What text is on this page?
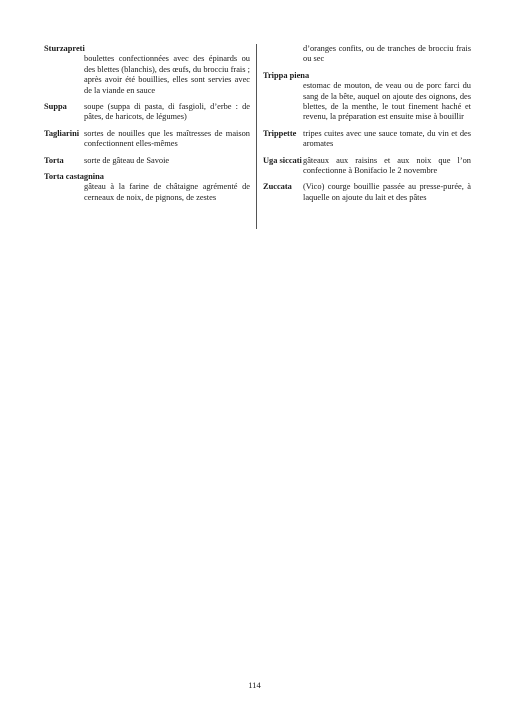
Sturzapreti
boulettes confectionnées avec des épinards ou des blettes (blanchis), des œufs, du brocciu frais ; après avoir été bouillies, elles sont servies avec de la viande en sauce
Suppa	soupe (suppa di pasta, di fasgioli, d’erbe : de pâtes, de haricots, de légumes)
Tagliarini sortes de nouilles que les maîtresses de maison confectionnent elles-mêmes
Torta	sorte de gâteau de Savoie
Torta castagnina
gâteau à la farine de châtaigne agrémenté de cerneaux de noix, de pignons, de zestes
d’oranges confits, ou de tranches de brocciu frais ou sec
Trippa piena
estomac de mouton, de veau ou de porc farci du sang de la bête, auquel on ajoute des oignons, des blettes, de la menthe, le tout finement haché et revenu, la préparation est ensuite mise à bouillir
Trippette tripes cuites avec une sauce tomate, du vin et des aromates
Uga siccati gâteaux aux raisins et aux noix que l’on confectionne à Bonifacio le 2 novembre
Zuccata	(Vico) courge bouillie passée au presse-purée, à laquelle on ajoute du lait et des pâtes
114
